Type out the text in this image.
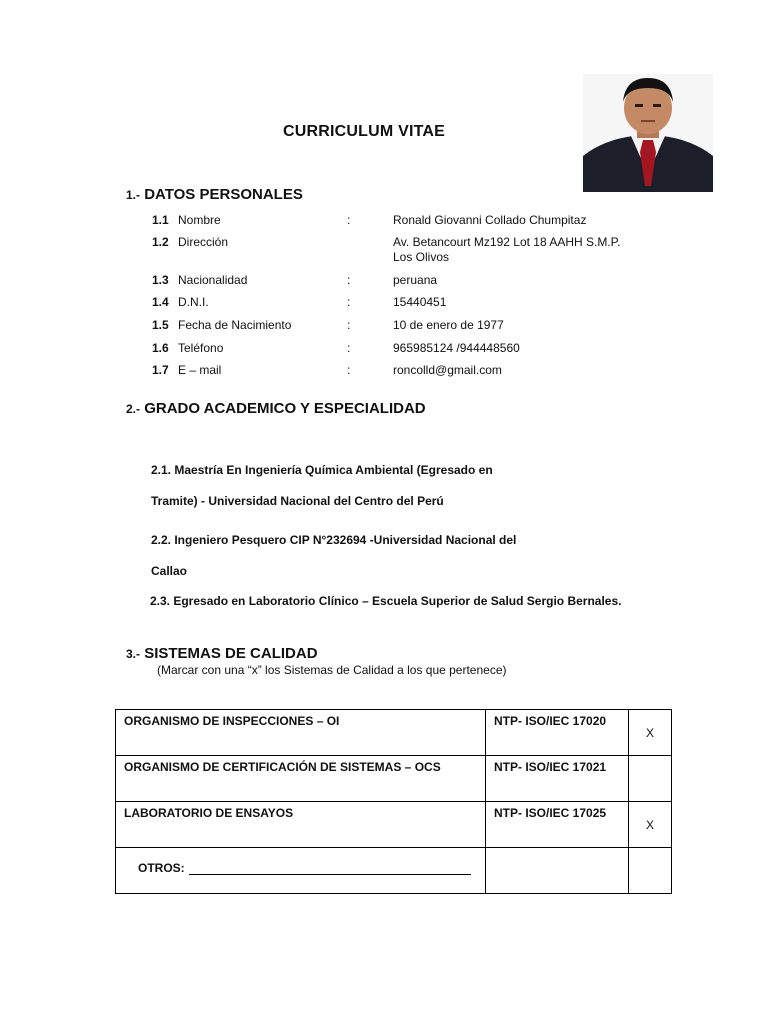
CURRICULUM VITAE
1.- DATOS PERSONALES
1.1 Nombre	:	Ronald Giovanni Collado Chumpitaz
1.2 Dirección	Av. Betancourt Mz192 Lot 18 AAHH S.M.P. Los Olivos
1.3 Nacionalidad	:	peruana
1.4 D.N.I.	:	15440451
1.5 Fecha de Nacimiento	:	10 de enero de 1977
1.6 Teléfono	:	965985124 /944448560
1.7 E – mail	:	roncolld@gmail.com
2.- GRADO ACADEMICO Y ESPECIALIDAD
2.1. Maestría En Ingeniería Química Ambiental (Egresado en
Tramite) - Universidad Nacional del Centro del Perú
2.2. Ingeniero Pesquero CIP N°232694 -Universidad Nacional del
Callao
2.3. Egresado en Laboratorio Clínico – Escuela Superior de Salud Sergio Bernales.
3.- SISTEMAS DE CALIDAD
(Marcar con una “x” los Sistemas de Calidad a los que pertenece)
ORGANISMO DE INSPECCIONES – OI	NTP- ISO/IEC 17020	X
ORGANISMO DE CERTIFICACIÓN DE SISTEMAS – OCS	NTP- ISO/IEC 17021	
LABORATORIO DE ENSAYOS	NTP- ISO/IEC 17025	X

OTROS:		
